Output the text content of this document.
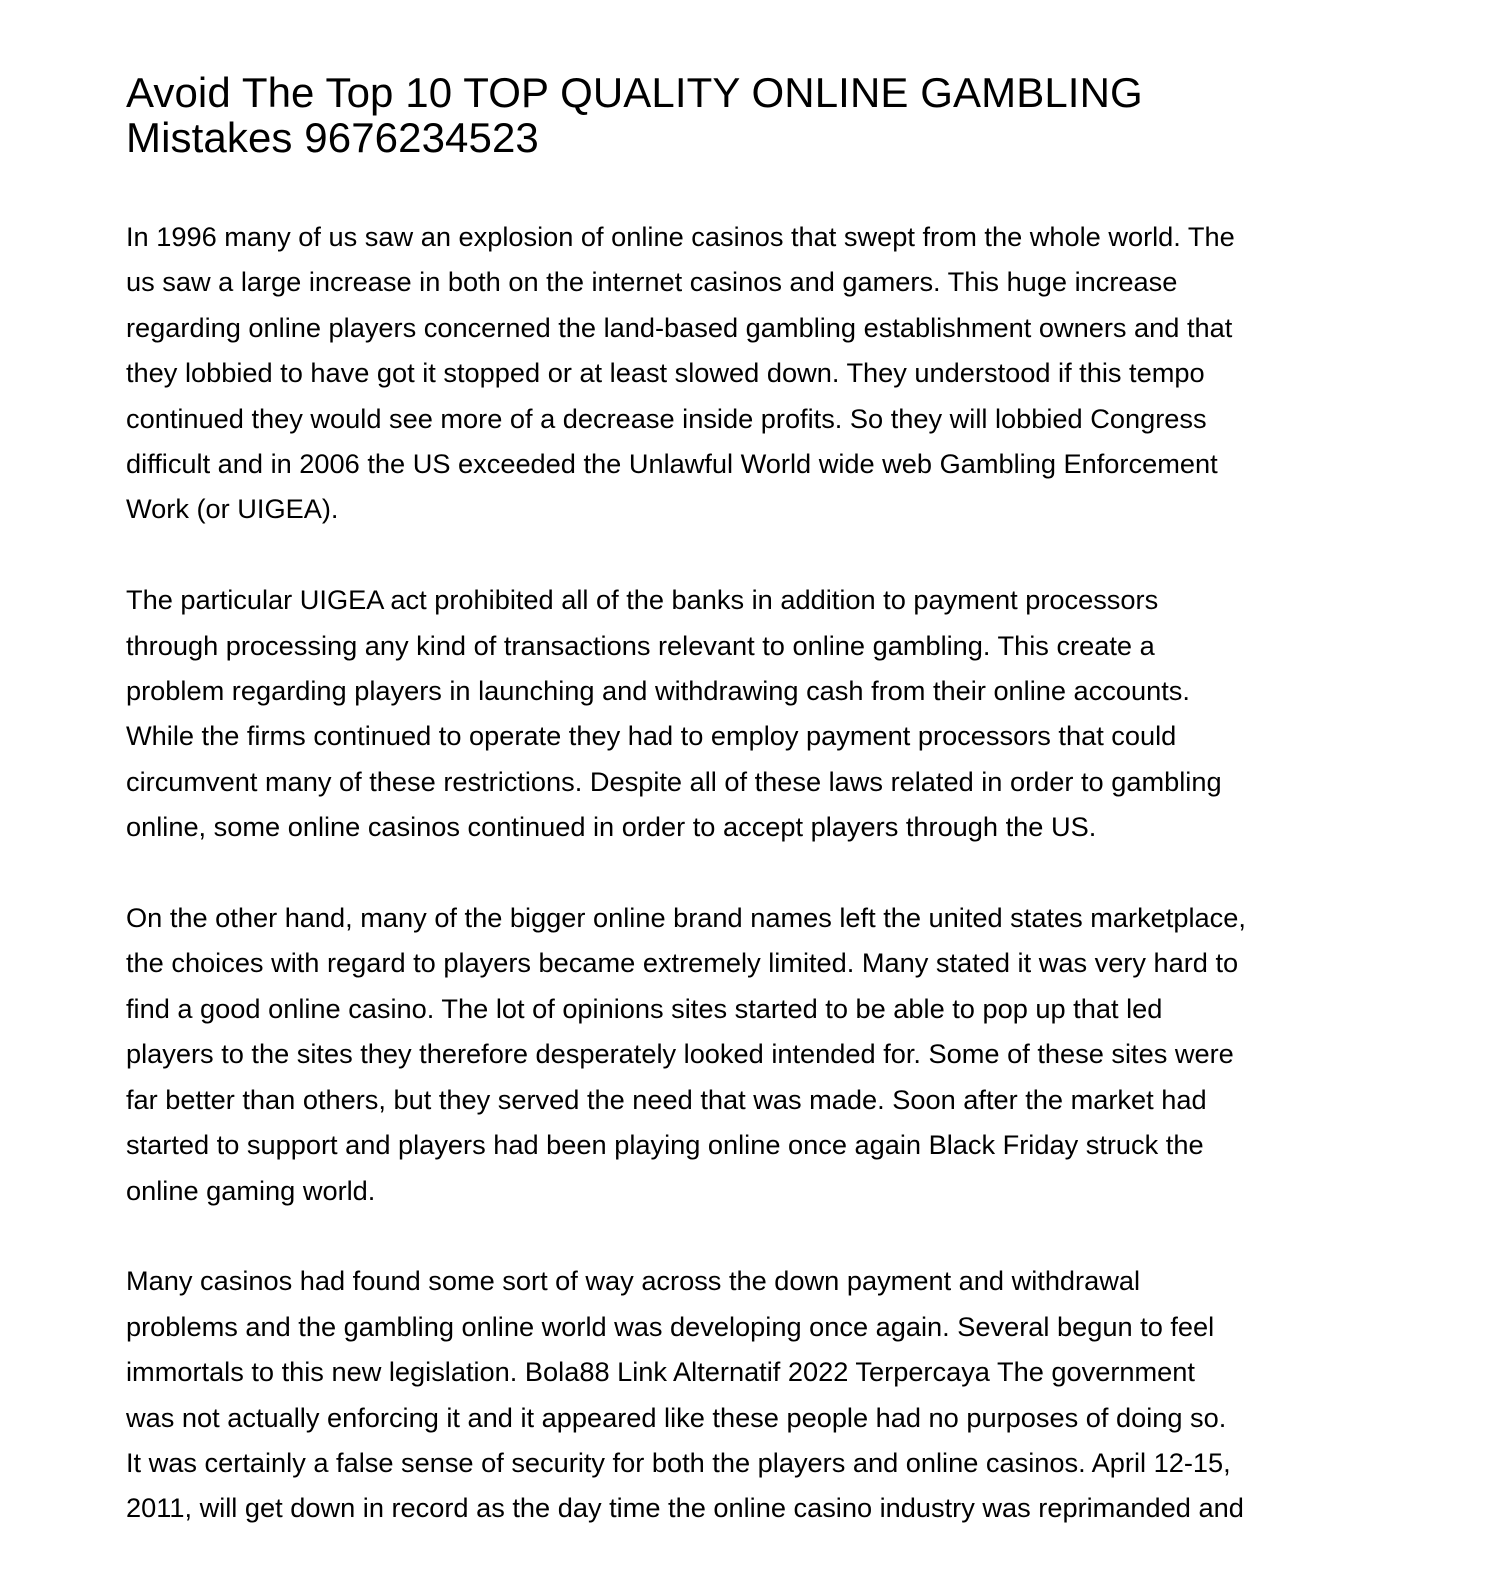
Avoid The Top 10 TOP QUALITY ONLINE GAMBLING
Mistakes 9676234523
In 1996 many of us saw an explosion of online casinos that swept from the whole world. The
us saw a large increase in both on the internet casinos and gamers. This huge increase
regarding online players concerned the land-based gambling establishment owners and that
they lobbied to have got it stopped or at least slowed down. They understood if this tempo
continued they would see more of a decrease inside profits. So they will lobbied Congress
difficult and in 2006 the US exceeded the Unlawful World wide web Gambling Enforcement
Work (or UIGEA).
The particular UIGEA act prohibited all of the banks in addition to payment processors
through processing any kind of transactions relevant to online gambling. This create a
problem regarding players in launching and withdrawing cash from their online accounts.
While the firms continued to operate they had to employ payment processors that could
circumvent many of these restrictions. Despite all of these laws related in order to gambling
online, some online casinos continued in order to accept players through the US.
On the other hand, many of the bigger online brand names left the united states marketplace,
the choices with regard to players became extremely limited. Many stated it was very hard to
find a good online casino. The lot of opinions sites started to be able to pop up that led
players to the sites they therefore desperately looked intended for. Some of these sites were
far better than others, but they served the need that was made. Soon after the market had
started to support and players had been playing online once again Black Friday struck the
online gaming world.
Many casinos had found some sort of way across the down payment and withdrawal
problems and the gambling online world was developing once again. Several begun to feel
immortals to this new legislation. Bola88 Link Alternatif 2022 Terpercaya The government
was not actually enforcing it and it appeared like these people had no purposes of doing so.
It was certainly a false sense of security for both the players and online casinos. April 12-15,
2011, will get down in record as the day time the online casino industry was reprimanded and
